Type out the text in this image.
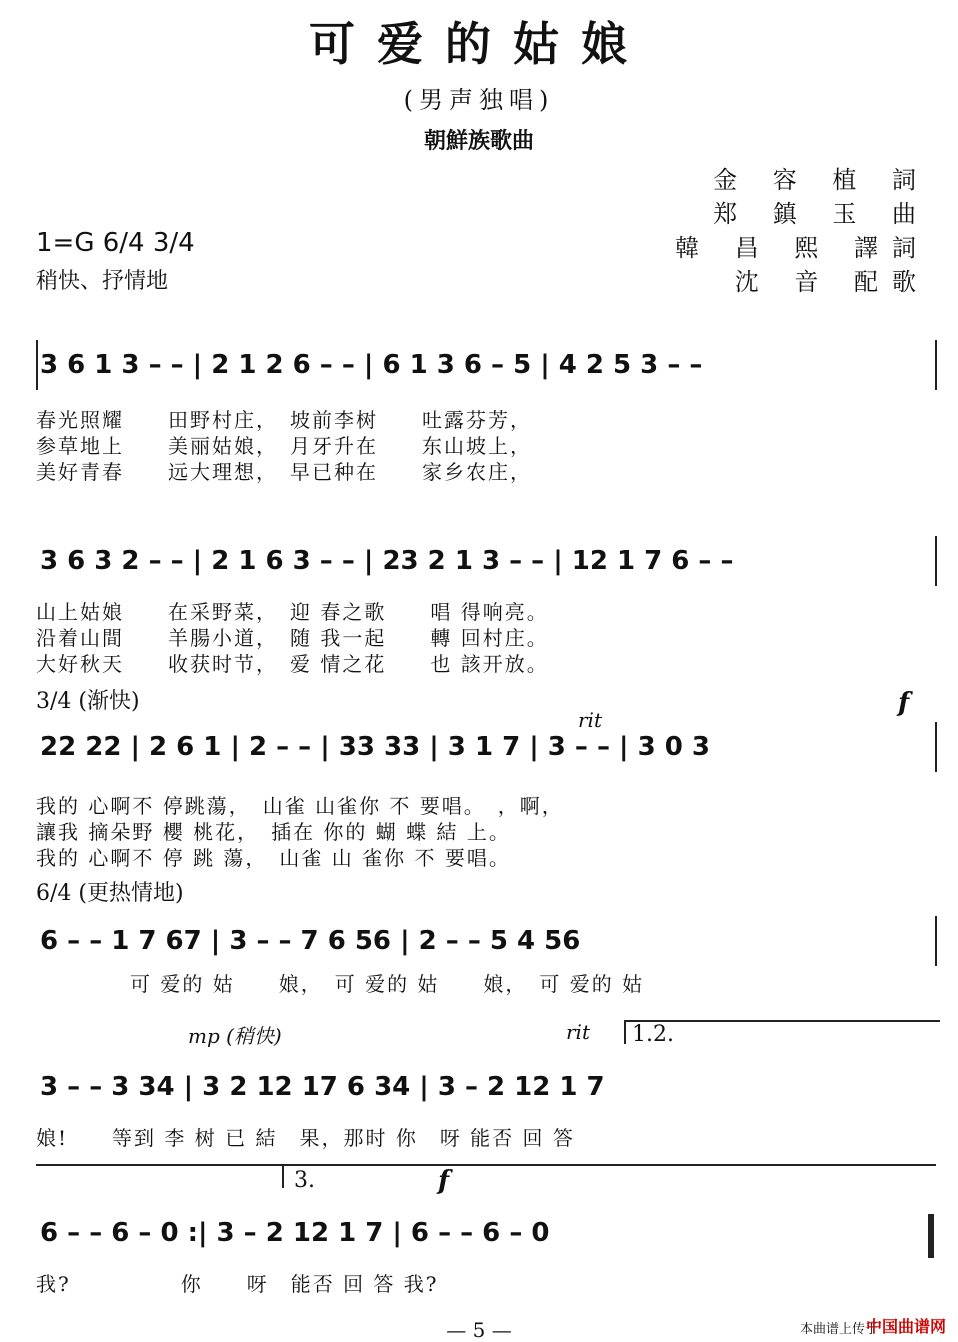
可爱的姑娘
(男声独唱)
朝鮮族歌曲
金 容 植 詞
郑 鎮 玉 曲
韓 昌 熙 譯詞
沈 音 配歌
1=G 6/4 3/4
稍快、抒情地
3 6 1 3 – – | 2 1 2 6 – – | 6 1 3 6 – 5 | 4 2 5 3 – –
春光照耀　　田野村庄，　坡前李树　　吐露芬芳，
参草地上　　美丽姑娘，　月牙升在　　东山坡上，
美好青春　　远大理想，　早已种在　　家乡农庄，
3 6 3 2 – – | 2 1 6 3 – – | 23 2 1 3 – – | 12 1 7 6 – –
山上姑娘　　在采野菜，　迎 春之歌　　唱 得响亮。
沿着山間　　羊腸小道，　随 我一起　　轉 回村庄。
大好秋天　　收获时节，　爱 情之花　　也 該开放。
3/4 (渐快)
rit
f
22 22 | 2 6 1 | 2 – – | 33 33 | 3 1 7 | 3 – – | 3 0 3
我的 心啊不 停跳蕩，　山雀 山雀你 不 要唱。　，啊，
讓我 摘朵野 櫻 桃花，　插在 你的 蝴 蝶 結 上。
我的 心啊不 停 跳 蕩，　山雀 山 雀你 不 要唱。
6/4 (更热情地)
6 – – 1 7 67 | 3 – – 7 6 56 | 2 – – 5 4 56
可 爱的 姑　　娘，　可 爱的 姑　　娘，　可 爱的 姑
mp (稍快)	rit 1.2.
3 – – 3 34 | 3 2 12 17 6 34 | 3 – 2 12 1 7
娘!　　等到 李 树 已 結　果，那时 你　呀 能否 回 答
3.	f
6 – – 6 – 0 :| 3 – 2 12 1 7 | 6 – – 6 – 0
我?　　　　　你　　呀　能否 回 答 我?
— 5 —	本曲谱上传于
中国曲谱网
